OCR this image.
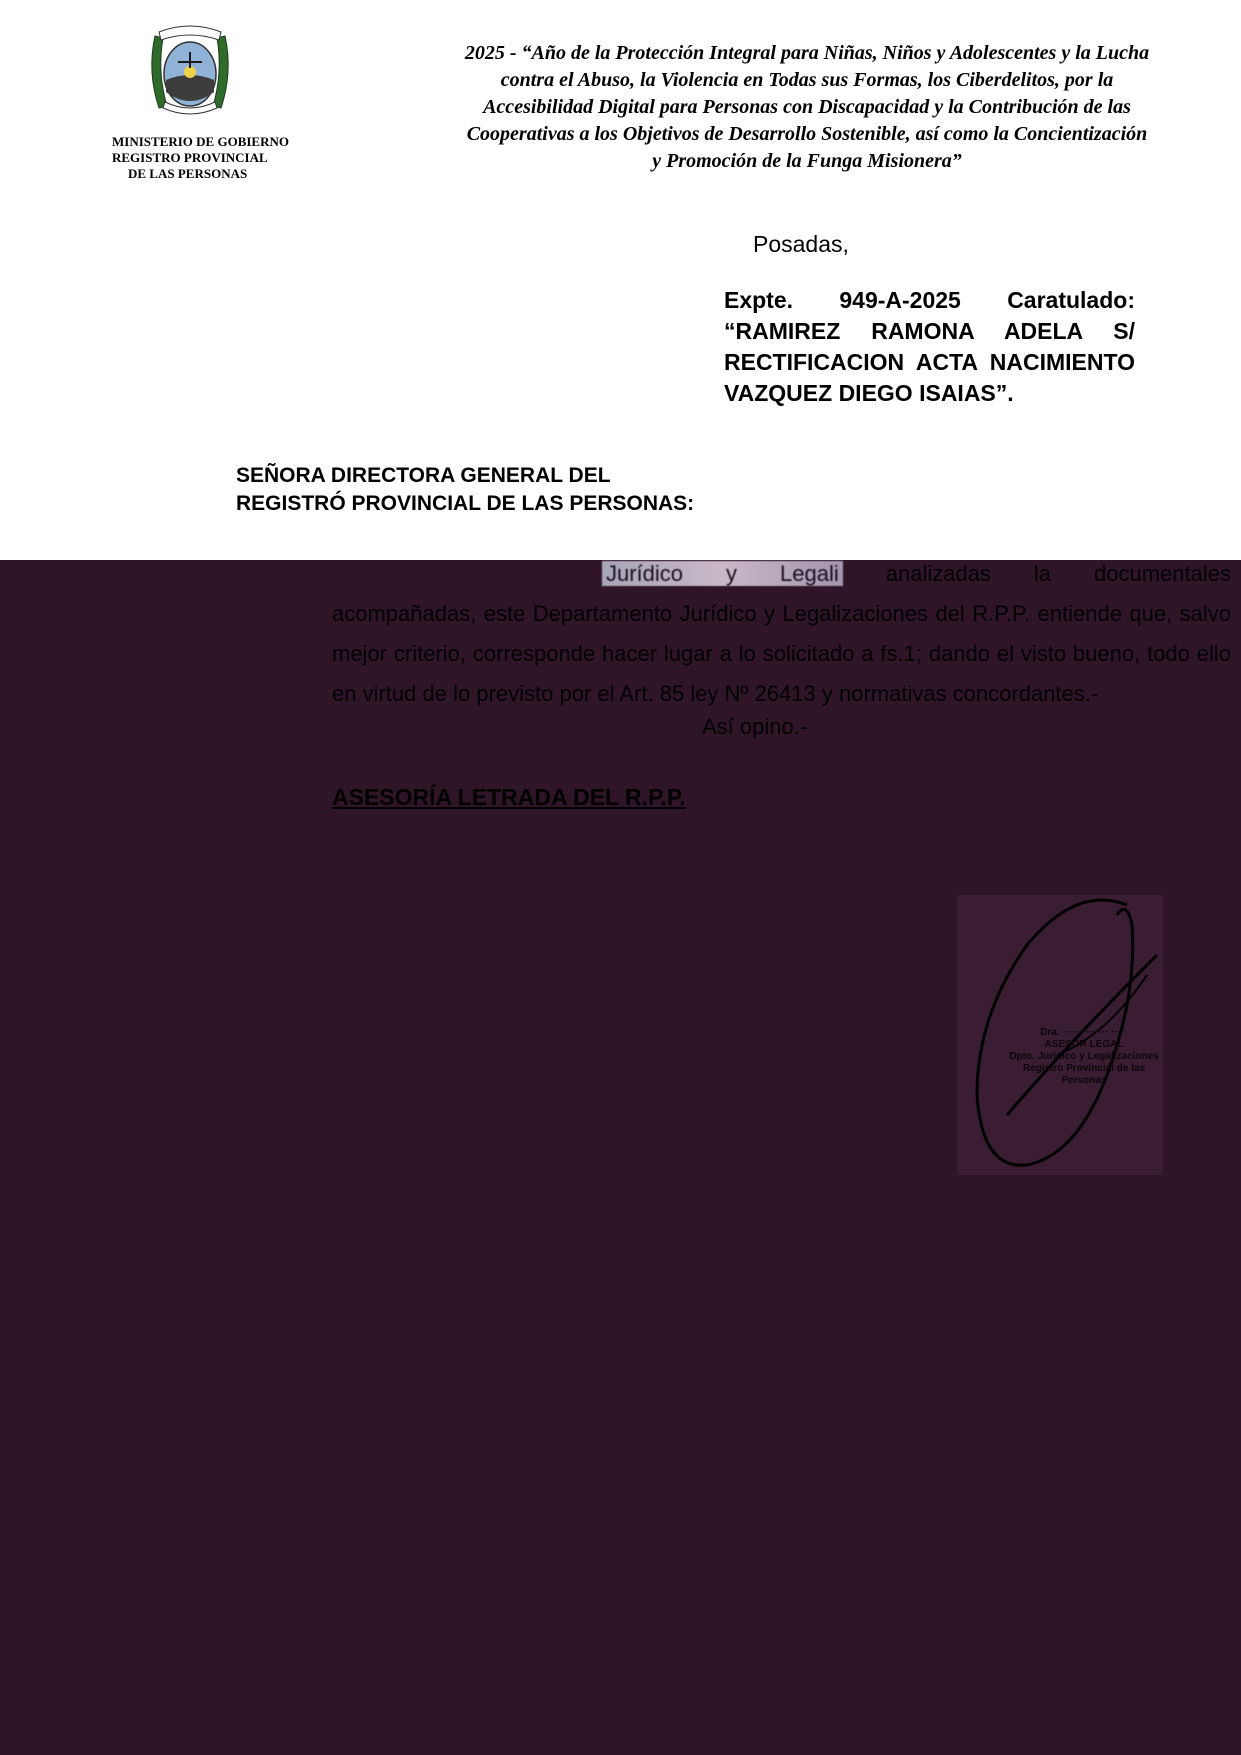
MINISTERIO DE GOBIERNO
REGISTRO PROVINCIAL
DE LAS PERSONAS
2025 - “Año de la Protección Integral para Niñas, Niños y Adolescentes y la Lucha contra el Abuso, la Violencia en Todas sus Formas, los Ciberdelitos, por la Accesibilidad Digital para Personas con Discapacidad y la Contribución de las Cooperativas a los Objetivos de Desarrollo Sostenible, así como la Concientización y Promoción de la Funga Misionera”
Posadas,
Expte. 949-A-2025 Caratulado:
“RAMIREZ RAMONA ADELA S/
RECTIFICACION ACTA NACIMIENTO
VAZQUEZ DIEGO ISAIAS”.
SEÑORA DIRECTORA GENERAL DEL
REGISTRÓ PROVINCIAL DE LAS PERSONAS:
Jurídico y Legali analizadas la documentales
acompañadas, este Departamento Jurídico y Legalizaciones del R.P.P. entiende que, salvo mejor criterio, corresponde hacer lugar a lo solicitado a fs.1; dando el visto bueno, todo ello en virtud de lo previsto por el Art. 85 ley Nº 26413 y normativas concordantes.-
Así opino.-
ASESORÍA LETRADA DEL R.P.P.
Dra. ······ ······· ·····
ASESOR LEGAL
Dpto. Jurídico y Legalizaciones
Registro Provincial de las Personas
